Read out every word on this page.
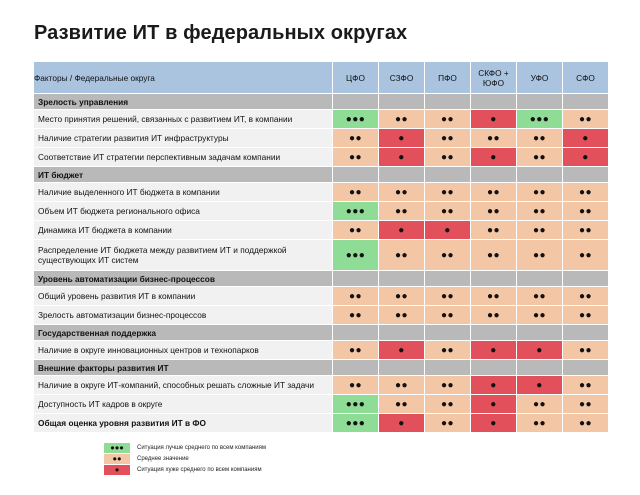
Развитие ИТ в федеральных округах
Факторы / Федеральные округа	ЦФО	СЗФО	ПФО	СКФО + ЮФО	УФО	СФО
Зрелость управления						
Место принятия решений, связанных с развитием ИТ, в компании	●●●	●●	●●	●	●●●	●●
Наличие стратегии развития ИТ инфраструктуры	●●	●	●●	●●	●●	●
Соответствие ИТ стратегии перспективным задачам компании	●●	●	●●	●	●●	●
ИТ бюджет						
Наличие выделенного ИТ бюджета в компании	●●	●●	●●	●●	●●	●●
Объем ИТ бюджета регионального офиса	●●●	●●	●●	●●	●●	●●
Динамика ИТ бюджета в компании	●●	●	●	●●	●●	●●
Распределение ИТ бюджета между развитием ИТ и поддержкой существующих ИТ систем	●●●	●●	●●	●●	●●	●●
Уровень автоматизации бизнес-процессов						
Общий уровень развития ИТ в компании	●●	●●	●●	●●	●●	●●
Зрелость автоматизации бизнес-процессов	●●	●●	●●	●●	●●	●●
Государственная поддержка						
Наличие в округе инновационных центров и технопарков	●●	●	●●	●	●	●●
Внешние факторы развития ИТ						
Наличие в округе ИТ-компаний, способных решать сложные ИТ задачи	●●	●●	●●	●	●	●●
Доступность ИТ кадров в округе	●●●	●●	●●	●	●●	●●
Общая оценка уровня развития ИТ в ФО	●●●	●	●●	●	●●	●●
●●●	Ситуация лучше среднего по всем компаниям
●●	Среднее значение
●	Ситуация хуже среднего по всем компаниям
